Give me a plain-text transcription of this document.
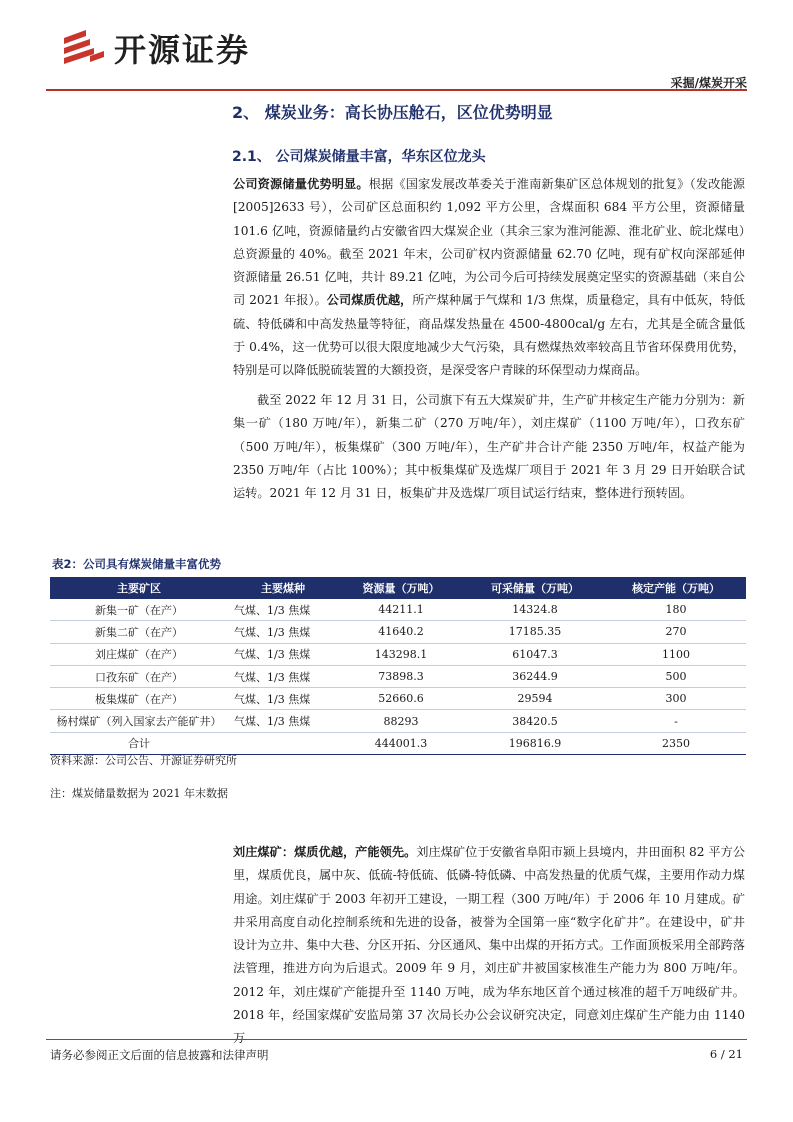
开源证券
采掘/煤炭开采
2、 煤炭业务：高长协压舱石，区位优势明显
2.1、 公司煤炭储量丰富，华东区位龙头

公司资源储量优势明显。根据《国家发展改革委关于淮南新集矿区总体规划的批复》（发改能源[2005]2633 号），公司矿区总面积约 1,092 平方公里，含煤面积 684 平方公里，资源储量 101.6 亿吨，资源储量约占安徽省四大煤炭企业（其余三家为淮河能源、淮北矿业、皖北煤电）总资源量的 40%。截至 2021 年末，公司矿权内资源储量 62.70 亿吨，现有矿权向深部延伸资源储量 26.51 亿吨，共计 89.21 亿吨，为公司今后可持续发展奠定坚实的资源基础（来自公司 2021 年报）。公司煤质优越，所产煤种属于气煤和 1/3 焦煤，质量稳定，具有中低灰，特低硫、特低磷和中高发热量等特征，商品煤发热量在 4500-4800cal/g 左右，尤其是全硫含量低于 0.4%，这一优势可以很大限度地减少大气污染，具有燃煤热效率较高且节省环保费用优势，特别是可以降低脱硫装置的大额投资，是深受客户青睐的环保型动力煤商品。

截至 2022 年 12 月 31 日，公司旗下有五大煤炭矿井，生产矿井核定生产能力分别为：新集一矿（180 万吨/年），新集二矿（270 万吨/年），刘庄煤矿（1100 万吨/年），口孜东矿（500 万吨/年），板集煤矿（300 万吨/年），生产矿井合计产能 2350 万吨/年，权益产能为 2350 万吨/年（占比 100%）；其中板集煤矿及选煤厂项目于 2021 年 3 月 29 日开始联合试运转。2021 年 12 月 31 日，板集矿井及选煤厂项目试运行结束，整体进行预转固。

表2：公司具有煤炭储量丰富优势
主要矿区	主要煤种	资源量（万吨）	可采储量（万吨）	核定产能（万吨）
新集一矿（在产）	气煤、1/3 焦煤	44211.1	14324.8	180
新集二矿（在产）	气煤、1/3 焦煤	41640.2	17185.35	270
刘庄煤矿（在产）	气煤、1/3 焦煤	143298.1	61047.3	1100
口孜东矿（在产）	气煤、1/3 焦煤	73898.3	36244.9	500
板集煤矿（在产）	气煤、1/3 焦煤	52660.6	29594	300
杨村煤矿（列入国家去产能矿井）	气煤、1/3 焦煤	88293	38420.5	-
合计		444001.3	196816.9	2350
资料来源：公司公告、开源证券研究所
注：煤炭储量数据为 2021 年末数据

刘庄煤矿：煤质优越，产能领先。刘庄煤矿位于安徽省阜阳市颍上县境内，井田面积 82 平方公里，煤质优良，属中灰、低硫-特低硫、低磷-特低磷、中高发热量的优质气煤，主要用作动力煤用途。刘庄煤矿于 2003 年初开工建设，一期工程（300 万吨/年）于 2006 年 10 月建成。矿井采用高度自动化控制系统和先进的设备，被誉为全国第一座“数字化矿井”。在建设中，矿井设计为立井、集中大巷、分区开拓、分区通风、集中出煤的开拓方式。工作面顶板采用全部跨落法管理，推进方向为后退式。2009 年 9 月，刘庄矿井被国家核准生产能力为 800 万吨/年。2012 年，刘庄煤矿产能提升至 1140 万吨，成为华东地区首个通过核准的超千万吨级矿井。2018 年，经国家煤矿安监局第 37 次局长办公会议研究决定，同意刘庄煤矿生产能力由 1140 万

请务必参阅正文后面的信息披露和法律声明	6 / 21
